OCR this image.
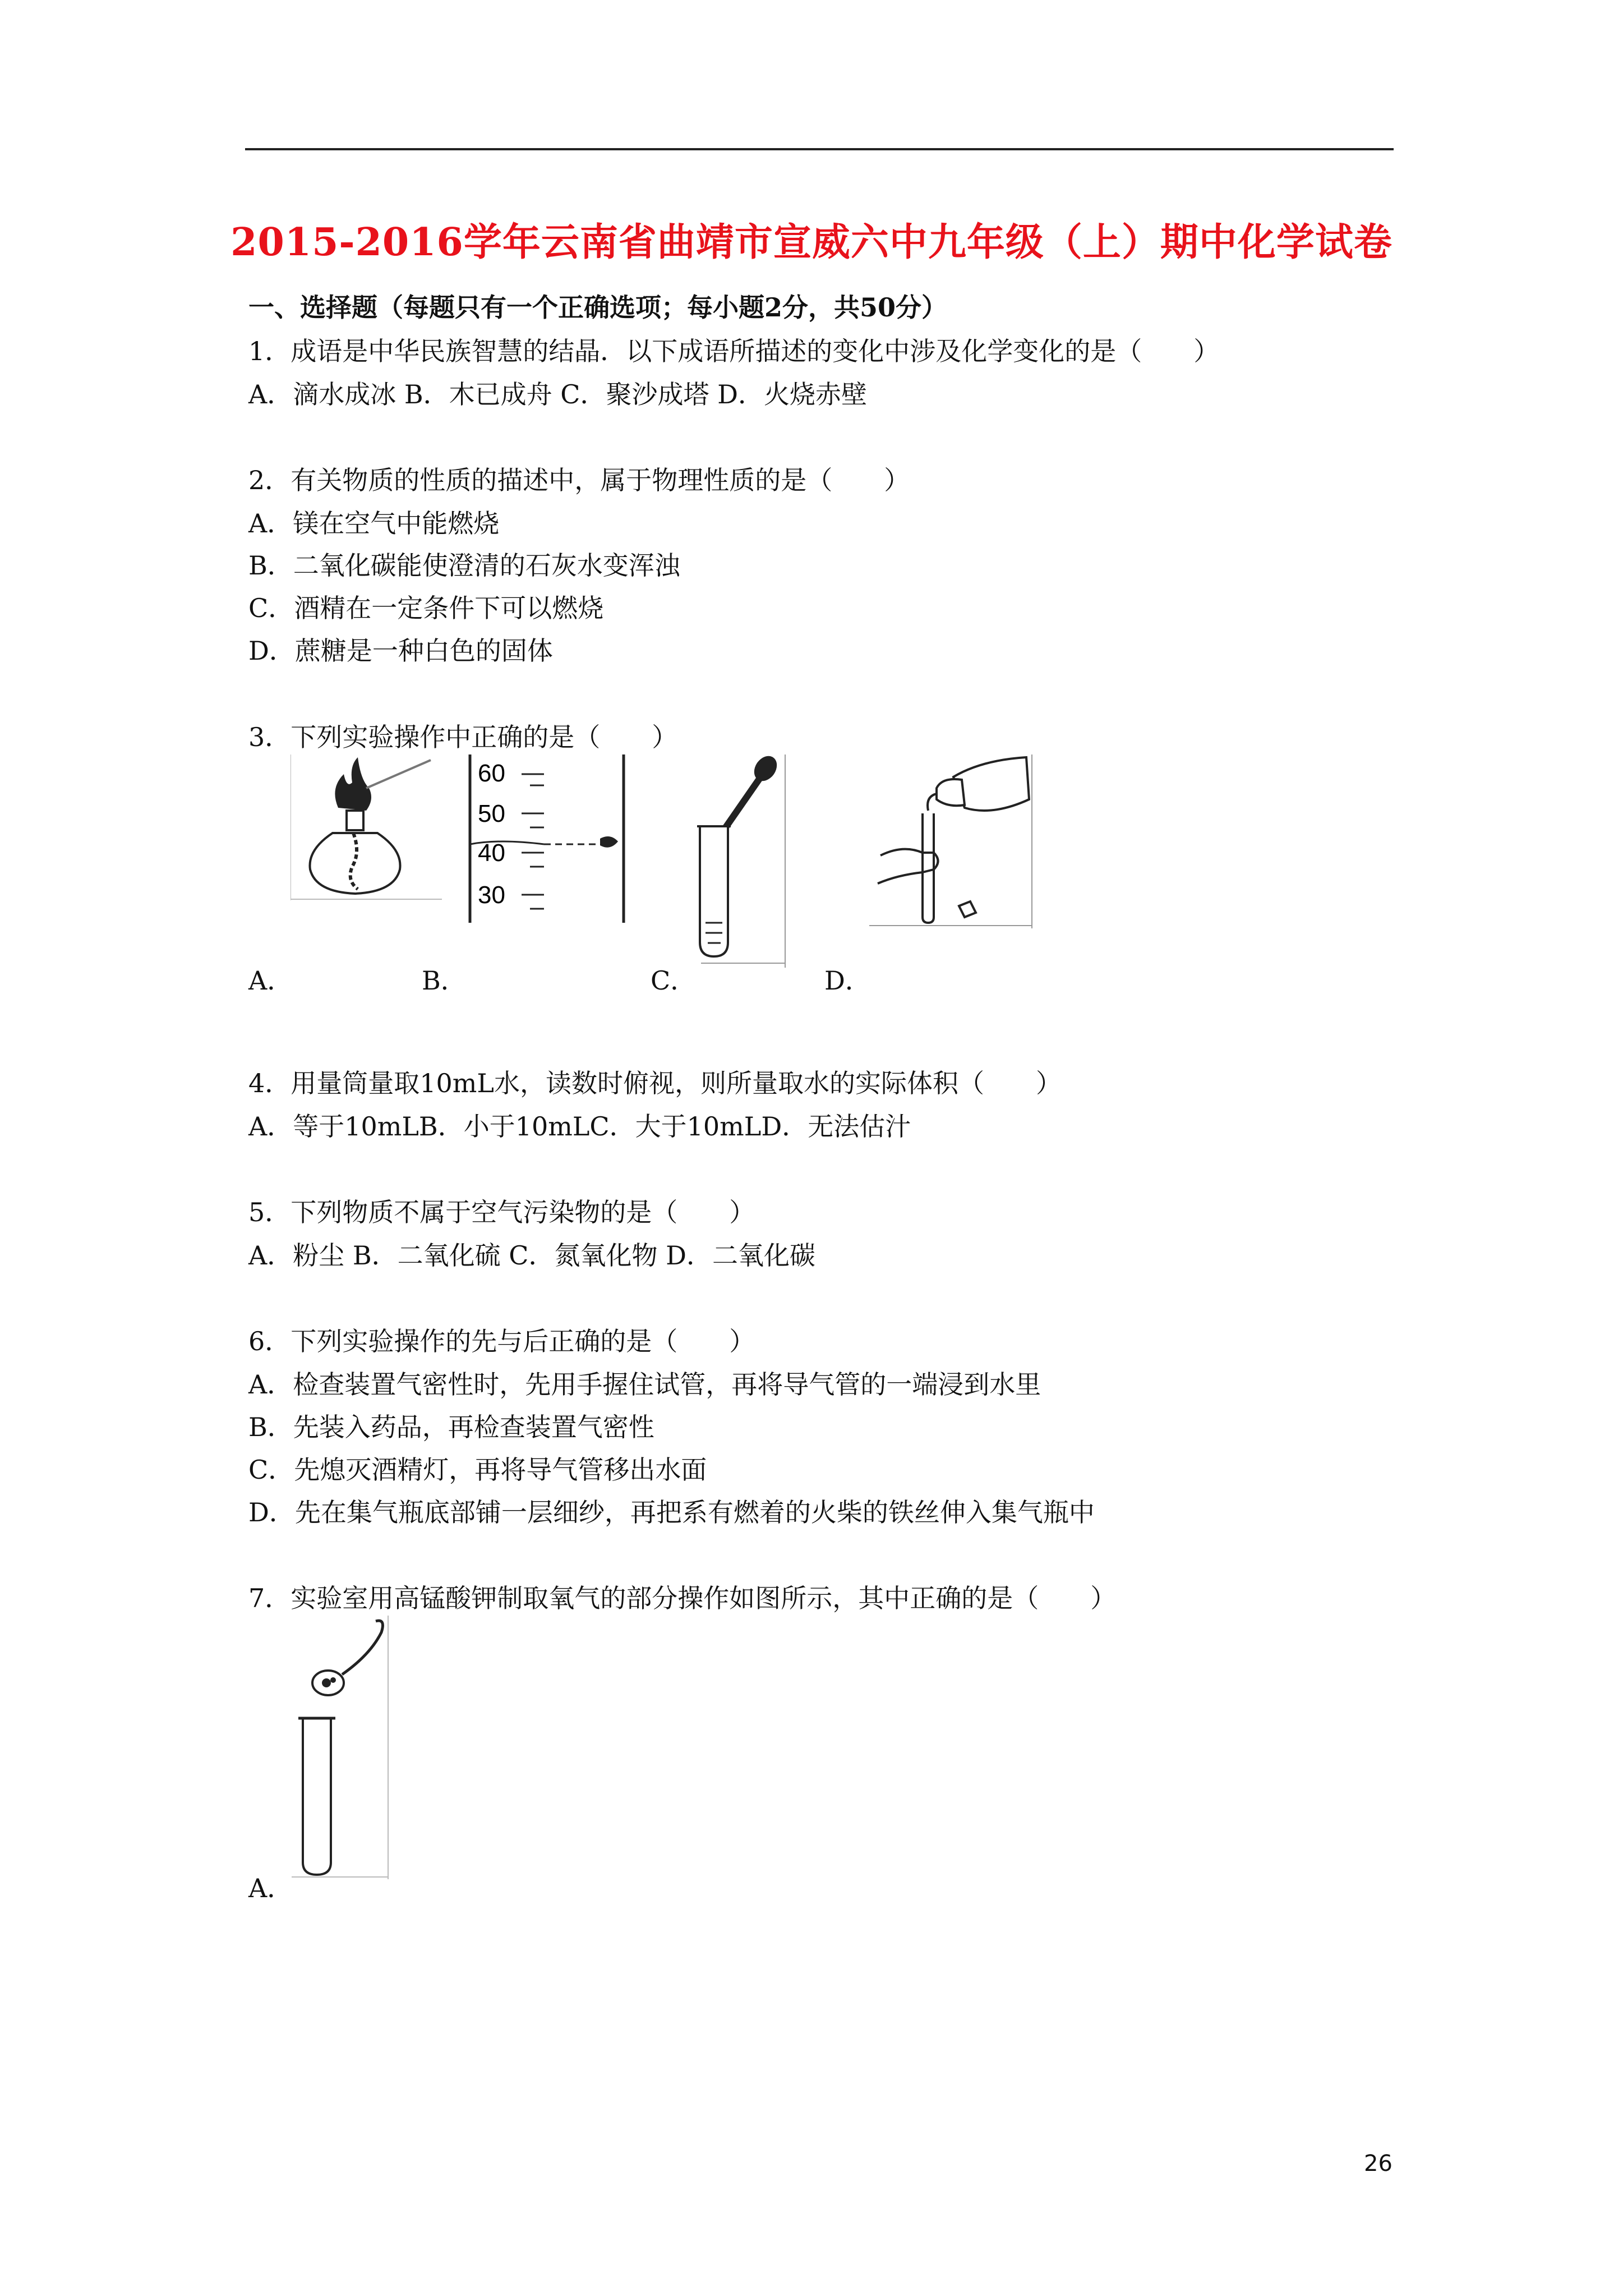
2015-2016学年云南省曲靖市宣威六中九年级（上）期中化学试卷
一、选择题（每题只有一个正确选项；每小题2分，共50分）
1．成语是中华民族智慧的结晶．以下成语所描述的变化中涉及化学变化的是（　　）
A．滴水成冰 B．木已成舟 C．聚沙成塔 D．火烧赤壁
2．有关物质的性质的描述中，属于物理性质的是（　　）
A．镁在空气中能燃烧
B．二氧化碳能使澄清的石灰水变浑浊
C．酒精在一定条件下可以燃烧
D．蔗糖是一种白色的固体
3．下列实验操作中正确的是（　　）
60
50
40
30
A．	B．	C．	D．
4．用量筒量取10mL水，读数时俯视，则所量取水的实际体积（　　）
A．等于10mLB．小于10mLC．大于10mLD．无法估汁
5．下列物质不属于空气污染物的是（　　）
A．粉尘 B．二氧化硫 C．氮氧化物 D．二氧化碳
6．下列实验操作的先与后正确的是（　　）
A．检查装置气密性时，先用手握住试管，再将导气管的一端浸到水里
B．先装入药品，再检查装置气密性
C．先熄灭酒精灯，再将导气管移出水面
D．先在集气瓶底部铺一层细纱，再把系有燃着的火柴的铁丝伸入集气瓶中
7．实验室用高锰酸钾制取氧气的部分操作如图所示，其中正确的是（　　）
A．
26
